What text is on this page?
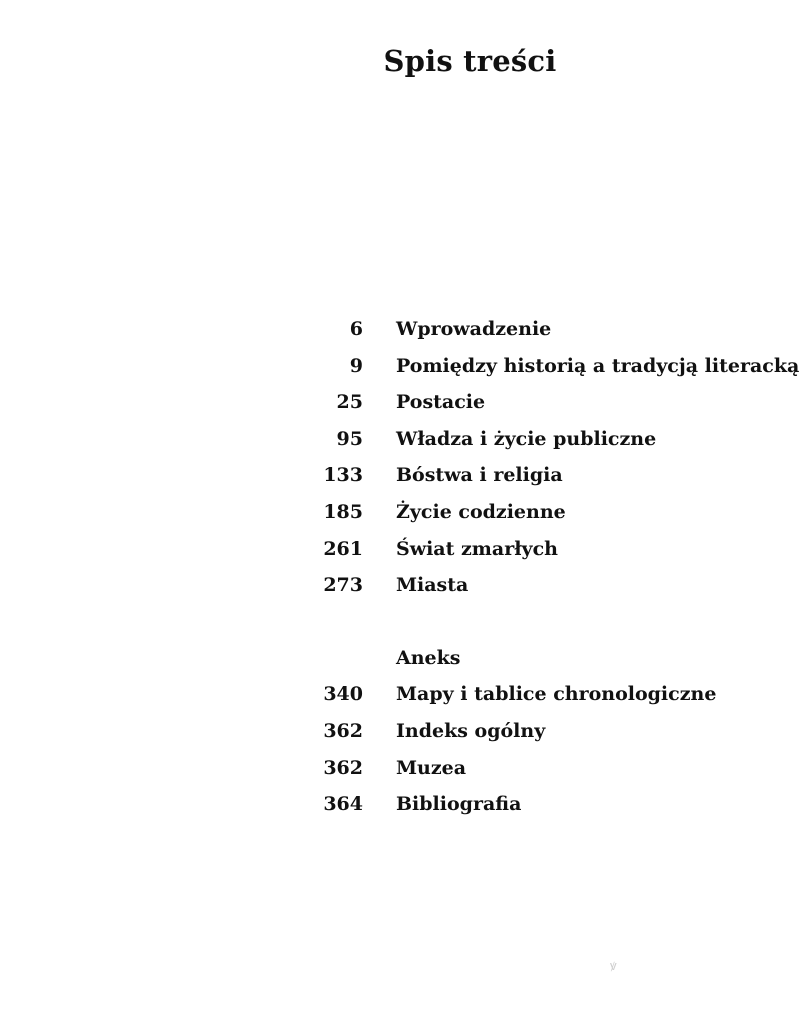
Spis treści
6 Wprowadzenie
9 Pomiędzy historią a tradycją literacką
25 Postacie
95 Władza i życie publiczne
133 Bóstwa i religia
185 Życie codzienne
261 Świat zmarłych
273 Miasta
Aneks
340 Mapy i tablice chronologiczne
362 Indeks ogólny
362 Muzea
364 Bibliografia
ꝟ
